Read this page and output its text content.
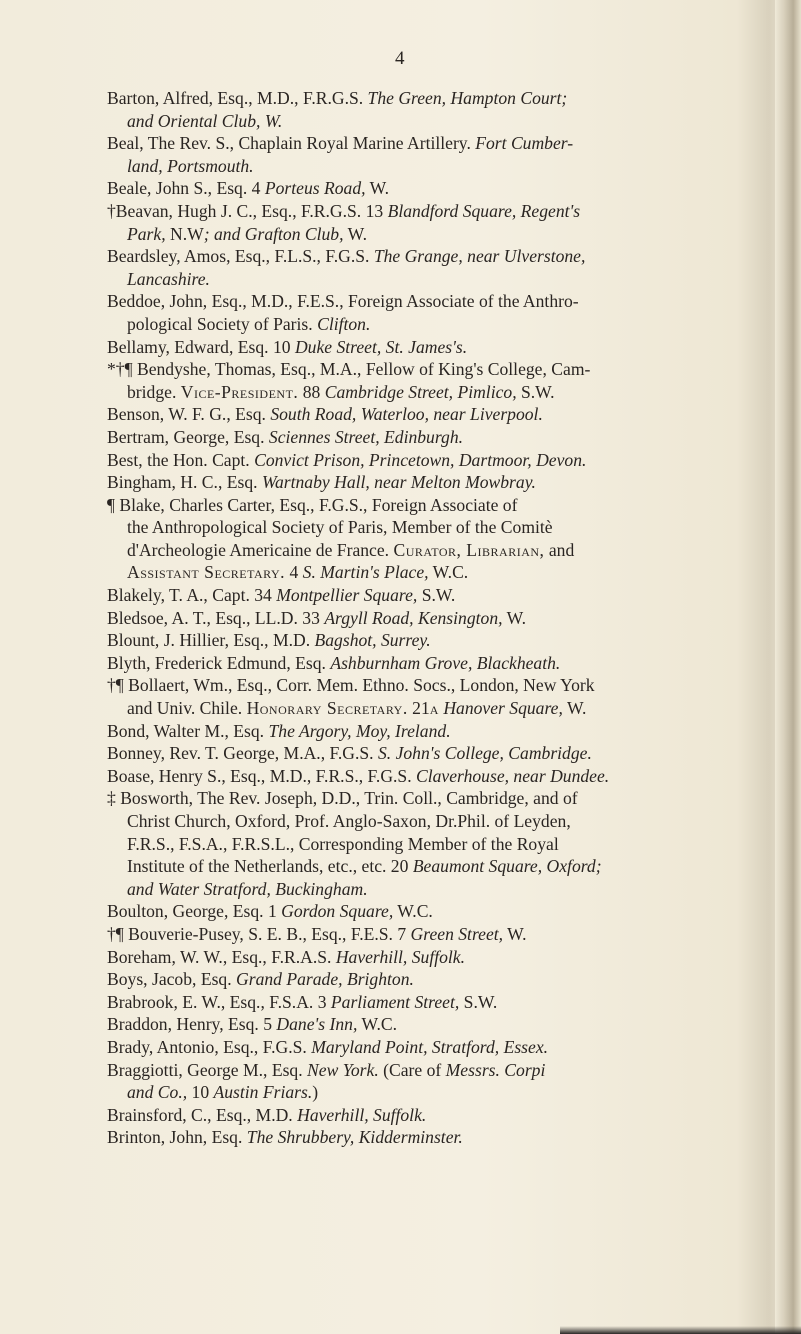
4
Barton, Alfred, Esq., M.D., F.R.G.S. The Green, Hampton Court;
and Oriental Club, W.
Beal, The Rev. S., Chaplain Royal Marine Artillery. Fort Cumber-
land, Portsmouth.
Beale, John S., Esq. 4 Porteus Road, W.
†Beavan, Hugh J. C., Esq., F.R.G.S. 13 Blandford Square, Regent's
Park, N.W; and Grafton Club, W.
Beardsley, Amos, Esq., F.L.S., F.G.S. The Grange, near Ulverstone,
Lancashire.
Beddoe, John, Esq., M.D., F.E.S., Foreign Associate of the Anthro-
pological Society of Paris. Clifton.
Bellamy, Edward, Esq. 10 Duke Street, St. James's.
*†¶ Bendyshe, Thomas, Esq., M.A., Fellow of King's College, Cam-
bridge. Vice-President. 88 Cambridge Street, Pimlico, S.W.
Benson, W. F. G., Esq. South Road, Waterloo, near Liverpool.
Bertram, George, Esq. Sciennes Street, Edinburgh.
Best, the Hon. Capt. Convict Prison, Princetown, Dartmoor, Devon.
Bingham, H. C., Esq. Wartnaby Hall, near Melton Mowbray.
¶ Blake, Charles Carter, Esq., F.G.S., Foreign Associate of
the Anthropological Society of Paris, Member of the Comitè
d'Archeologie Americaine de France. Curator, Librarian, and
Assistant Secretary. 4 S. Martin's Place, W.C.
Blakely, T. A., Capt. 34 Montpellier Square, S.W.
Bledsoe, A. T., Esq., LL.D. 33 Argyll Road, Kensington, W.
Blount, J. Hillier, Esq., M.D. Bagshot, Surrey.
Blyth, Frederick Edmund, Esq. Ashburnham Grove, Blackheath.
†¶ Bollaert, Wm., Esq., Corr. Mem. Ethno. Socs., London, New York
and Univ. Chile. Honorary Secretary. 21a Hanover Square, W.
Bond, Walter M., Esq. The Argory, Moy, Ireland.
Bonney, Rev. T. George, M.A., F.G.S. S. John's College, Cambridge.
Boase, Henry S., Esq., M.D., F.R.S., F.G.S. Claverhouse, near Dundee.
‡ Bosworth, The Rev. Joseph, D.D., Trin. Coll., Cambridge, and of
Christ Church, Oxford, Prof. Anglo-Saxon, Dr.Phil. of Leyden,
F.R.S., F.S.A., F.R.S.L., Corresponding Member of the Royal
Institute of the Netherlands, etc., etc. 20 Beaumont Square, Oxford;
and Water Stratford, Buckingham.
Boulton, George, Esq. 1 Gordon Square, W.C.
†¶ Bouverie-Pusey, S. E. B., Esq., F.E.S. 7 Green Street, W.
Boreham, W. W., Esq., F.R.A.S. Haverhill, Suffolk.
Boys, Jacob, Esq. Grand Parade, Brighton.
Brabrook, E. W., Esq., F.S.A. 3 Parliament Street, S.W.
Braddon, Henry, Esq. 5 Dane's Inn, W.C.
Brady, Antonio, Esq., F.G.S. Maryland Point, Stratford, Essex.
Braggiotti, George M., Esq. New York. (Care of Messrs. Corpi
and Co., 10 Austin Friars.)
Brainsford, C., Esq., M.D. Haverhill, Suffolk.
Brinton, John, Esq. The Shrubbery, Kidderminster.
